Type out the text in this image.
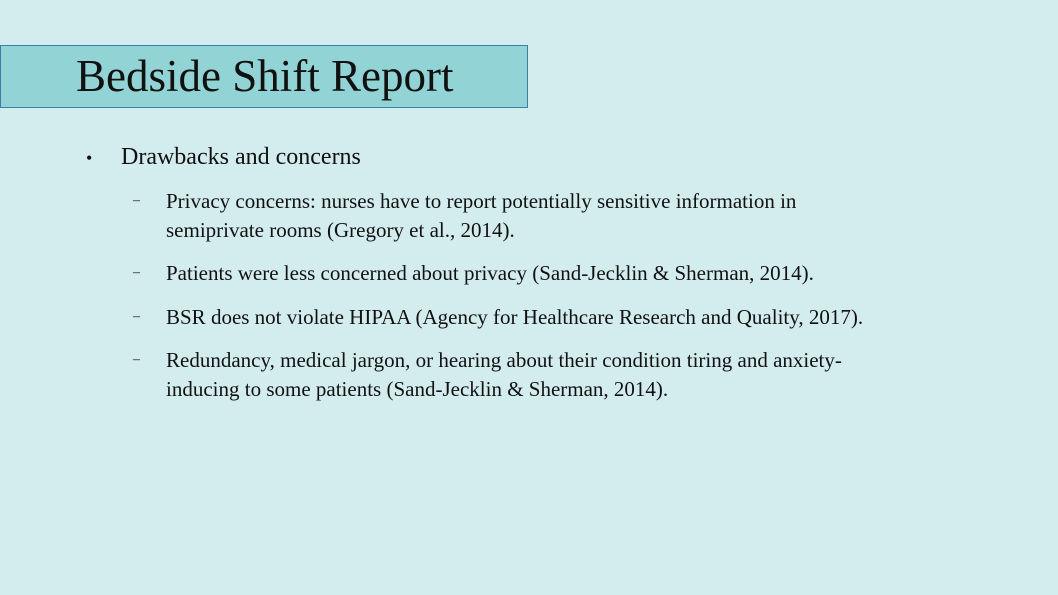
Bedside Shift Report
• Drawbacks and concerns
– Privacy concerns: nurses have to report potentially sensitive information in
semiprivate rooms (Gregory et al., 2014).
– Patients were less concerned about privacy (Sand-Jecklin & Sherman, 2014).
– BSR does not violate HIPAA (Agency for Healthcare Research and Quality, 2017).
– Redundancy, medical jargon, or hearing about their condition tiring and anxiety-
inducing to some patients (Sand-Jecklin & Sherman, 2014).
